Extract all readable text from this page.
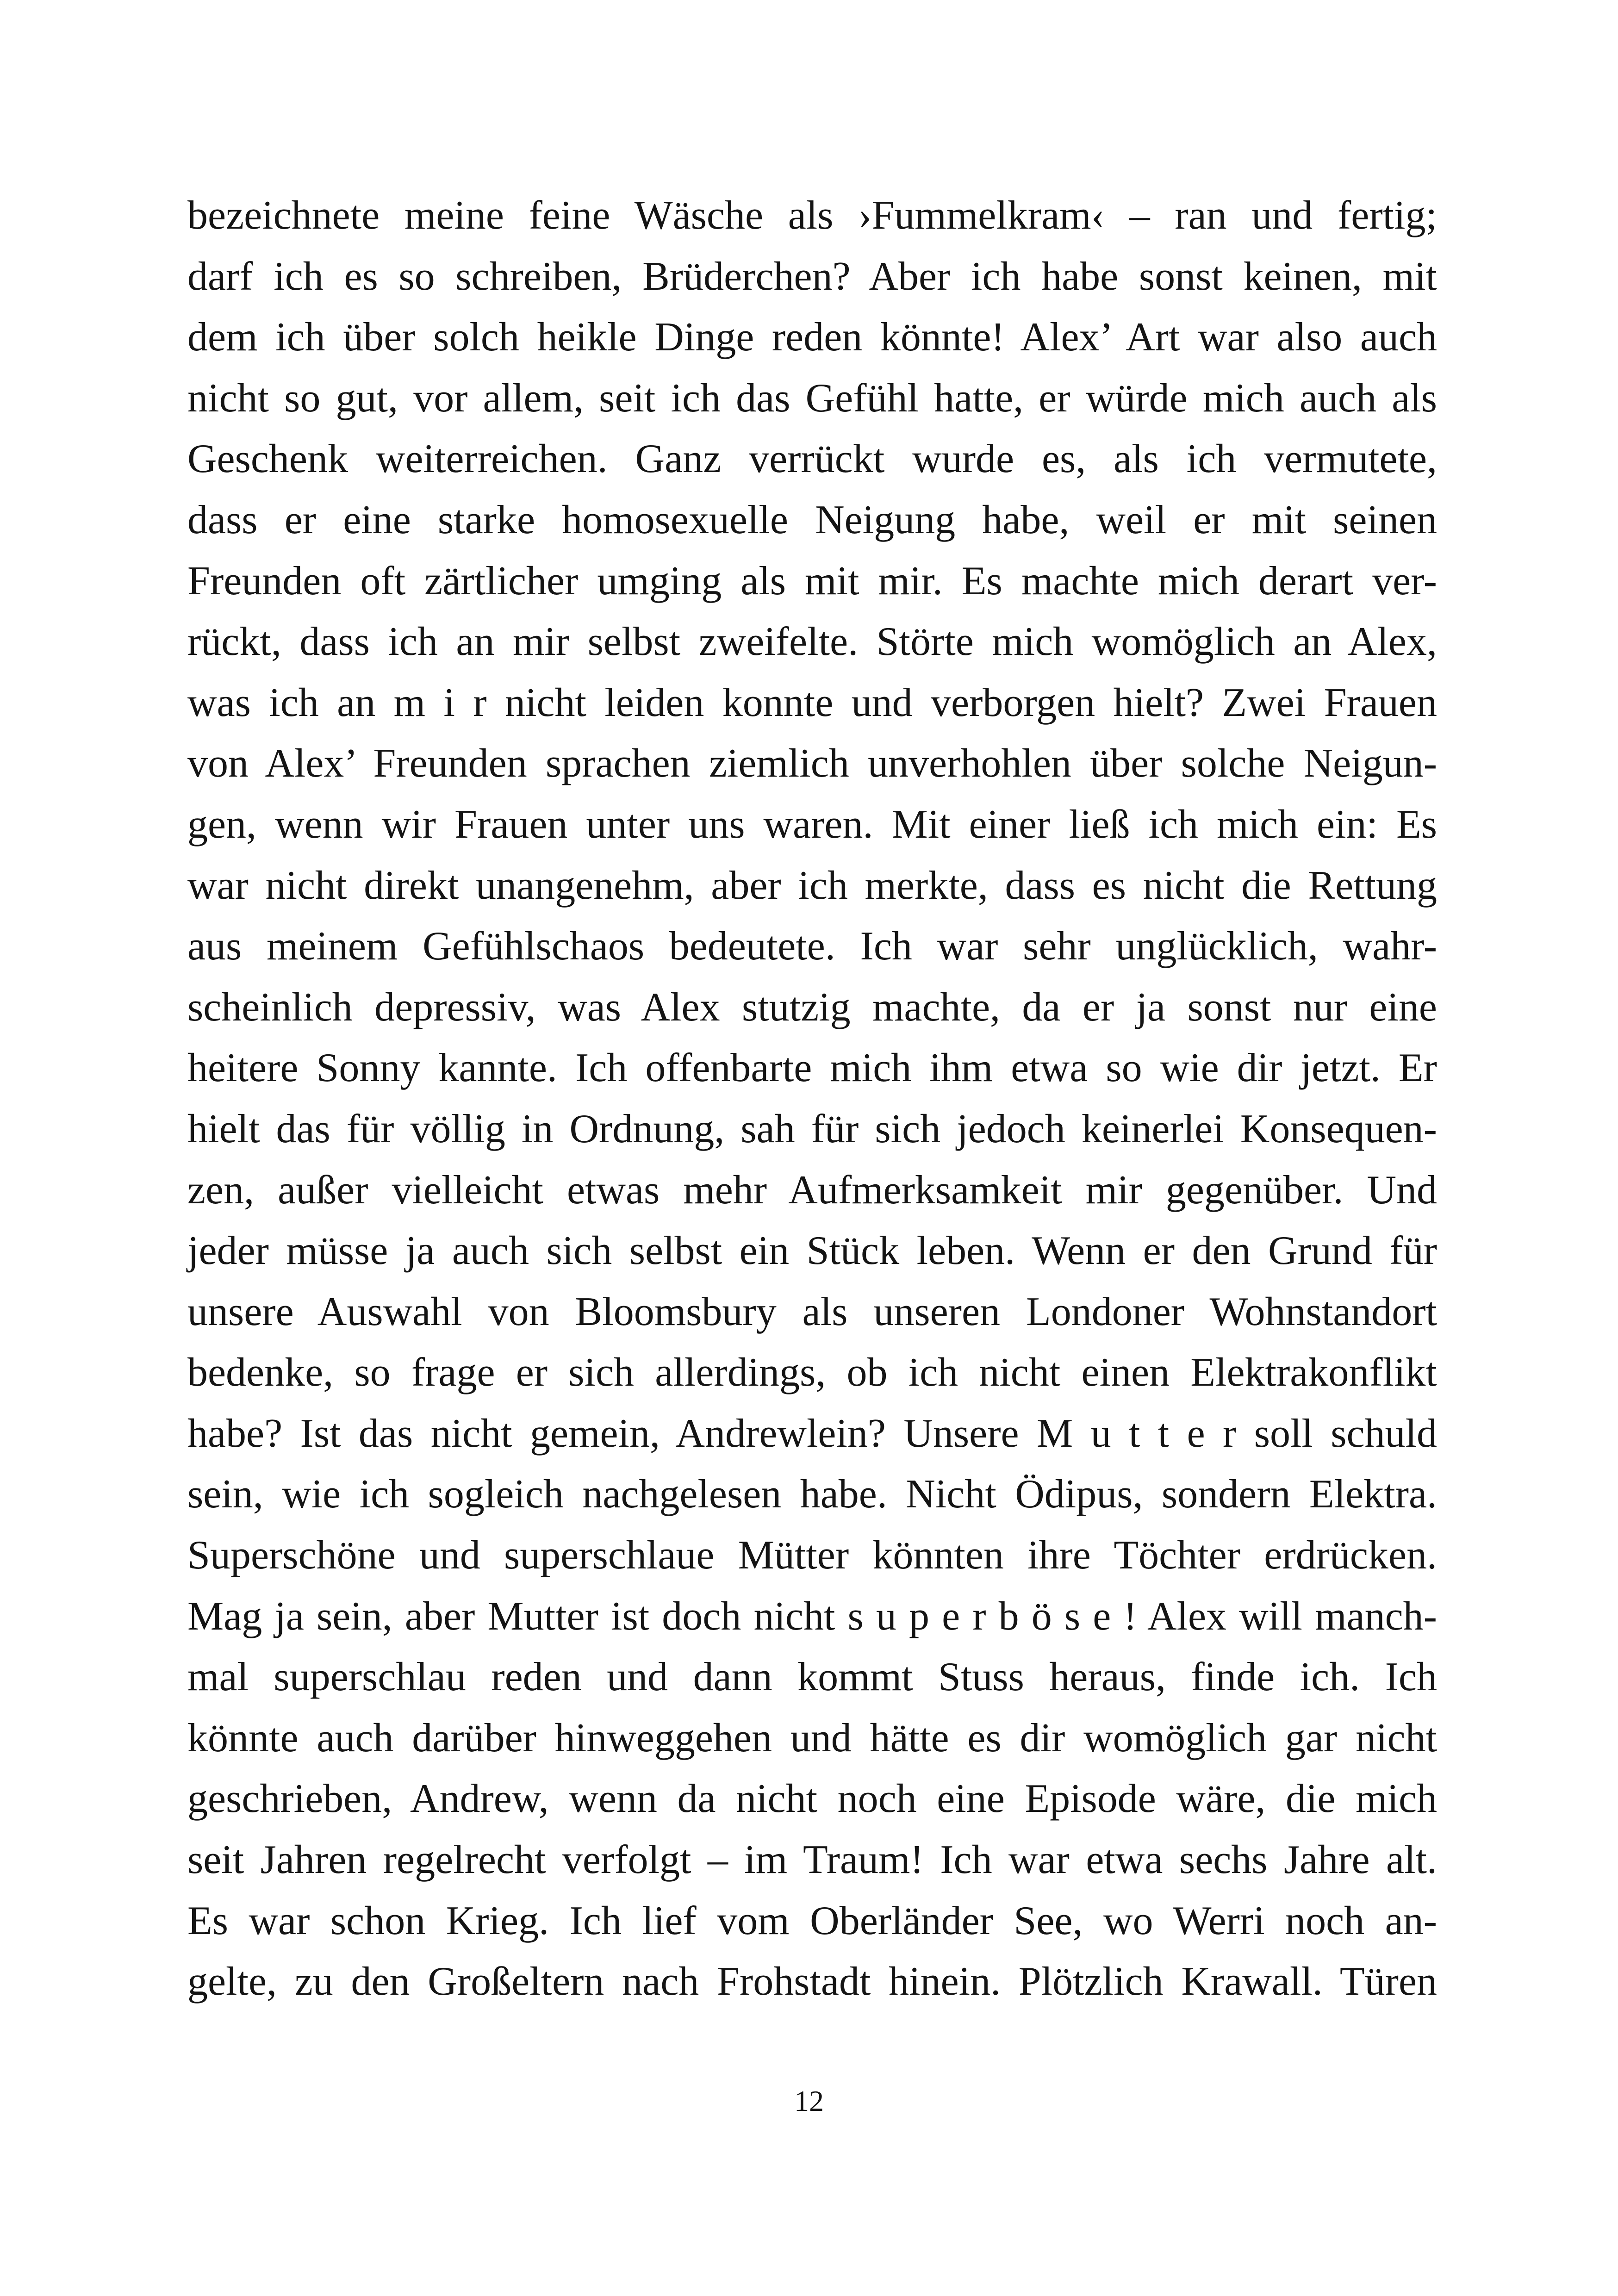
bezeichnete meine feine Wäsche als ›Fummelkram‹ – ran und fertig;
darf ich es so schreiben, Brüderchen? Aber ich habe sonst keinen, mit
dem ich über solch heikle Dinge reden könnte! Alex’ Art war also auch
nicht so gut, vor allem, seit ich das Gefühl hatte, er würde mich auch als
Geschenk weiterreichen. Ganz verrückt wurde es, als ich vermutete,
dass er eine starke homosexuelle Neigung habe, weil er mit seinen
Freunden oft zärtlicher umging als mit mir. Es machte mich derart ver-
rückt, dass ich an mir selbst zweifelte. Störte mich womöglich an Alex,
was ich an m i r nicht leiden konnte und verborgen hielt? Zwei Frauen
von Alex’ Freunden sprachen ziemlich unverhohlen über solche Neigun-
gen, wenn wir Frauen unter uns waren. Mit einer ließ ich mich ein: Es
war nicht direkt unangenehm, aber ich merkte, dass es nicht die Rettung
aus meinem Gefühlschaos bedeutete. Ich war sehr unglücklich, wahr-
scheinlich depressiv, was Alex stutzig machte, da er ja sonst nur eine
heitere Sonny kannte. Ich offenbarte mich ihm etwa so wie dir jetzt. Er
hielt das für völlig in Ordnung, sah für sich jedoch keinerlei Konsequen-
zen, außer vielleicht etwas mehr Aufmerksamkeit mir gegenüber. Und
jeder müsse ja auch sich selbst ein Stück leben. Wenn er den Grund für
unsere Auswahl von Bloomsbury als unseren Londoner Wohnstandort
bedenke, so frage er sich allerdings, ob ich nicht einen Elektrakonflikt
habe? Ist das nicht gemein, Andrewlein? Unsere M u t t e r soll schuld
sein, wie ich sogleich nachgelesen habe. Nicht Ödipus, sondern Elektra.
Superschöne und superschlaue Mütter könnten ihre Töchter erdrücken.
Mag ja sein, aber Mutter ist doch nicht s u p e r b ö s e ! Alex will manch-
mal superschlau reden und dann kommt Stuss heraus, finde ich. Ich
könnte auch darüber hinweggehen und hätte es dir womöglich gar nicht
geschrieben, Andrew, wenn da nicht noch eine Episode wäre, die mich
seit Jahren regelrecht verfolgt – im Traum! Ich war etwa sechs Jahre alt.
Es war schon Krieg. Ich lief vom Oberländer See, wo Werri noch an-
gelte, zu den Großeltern nach Frohstadt hinein. Plötzlich Krawall. Türen
12
